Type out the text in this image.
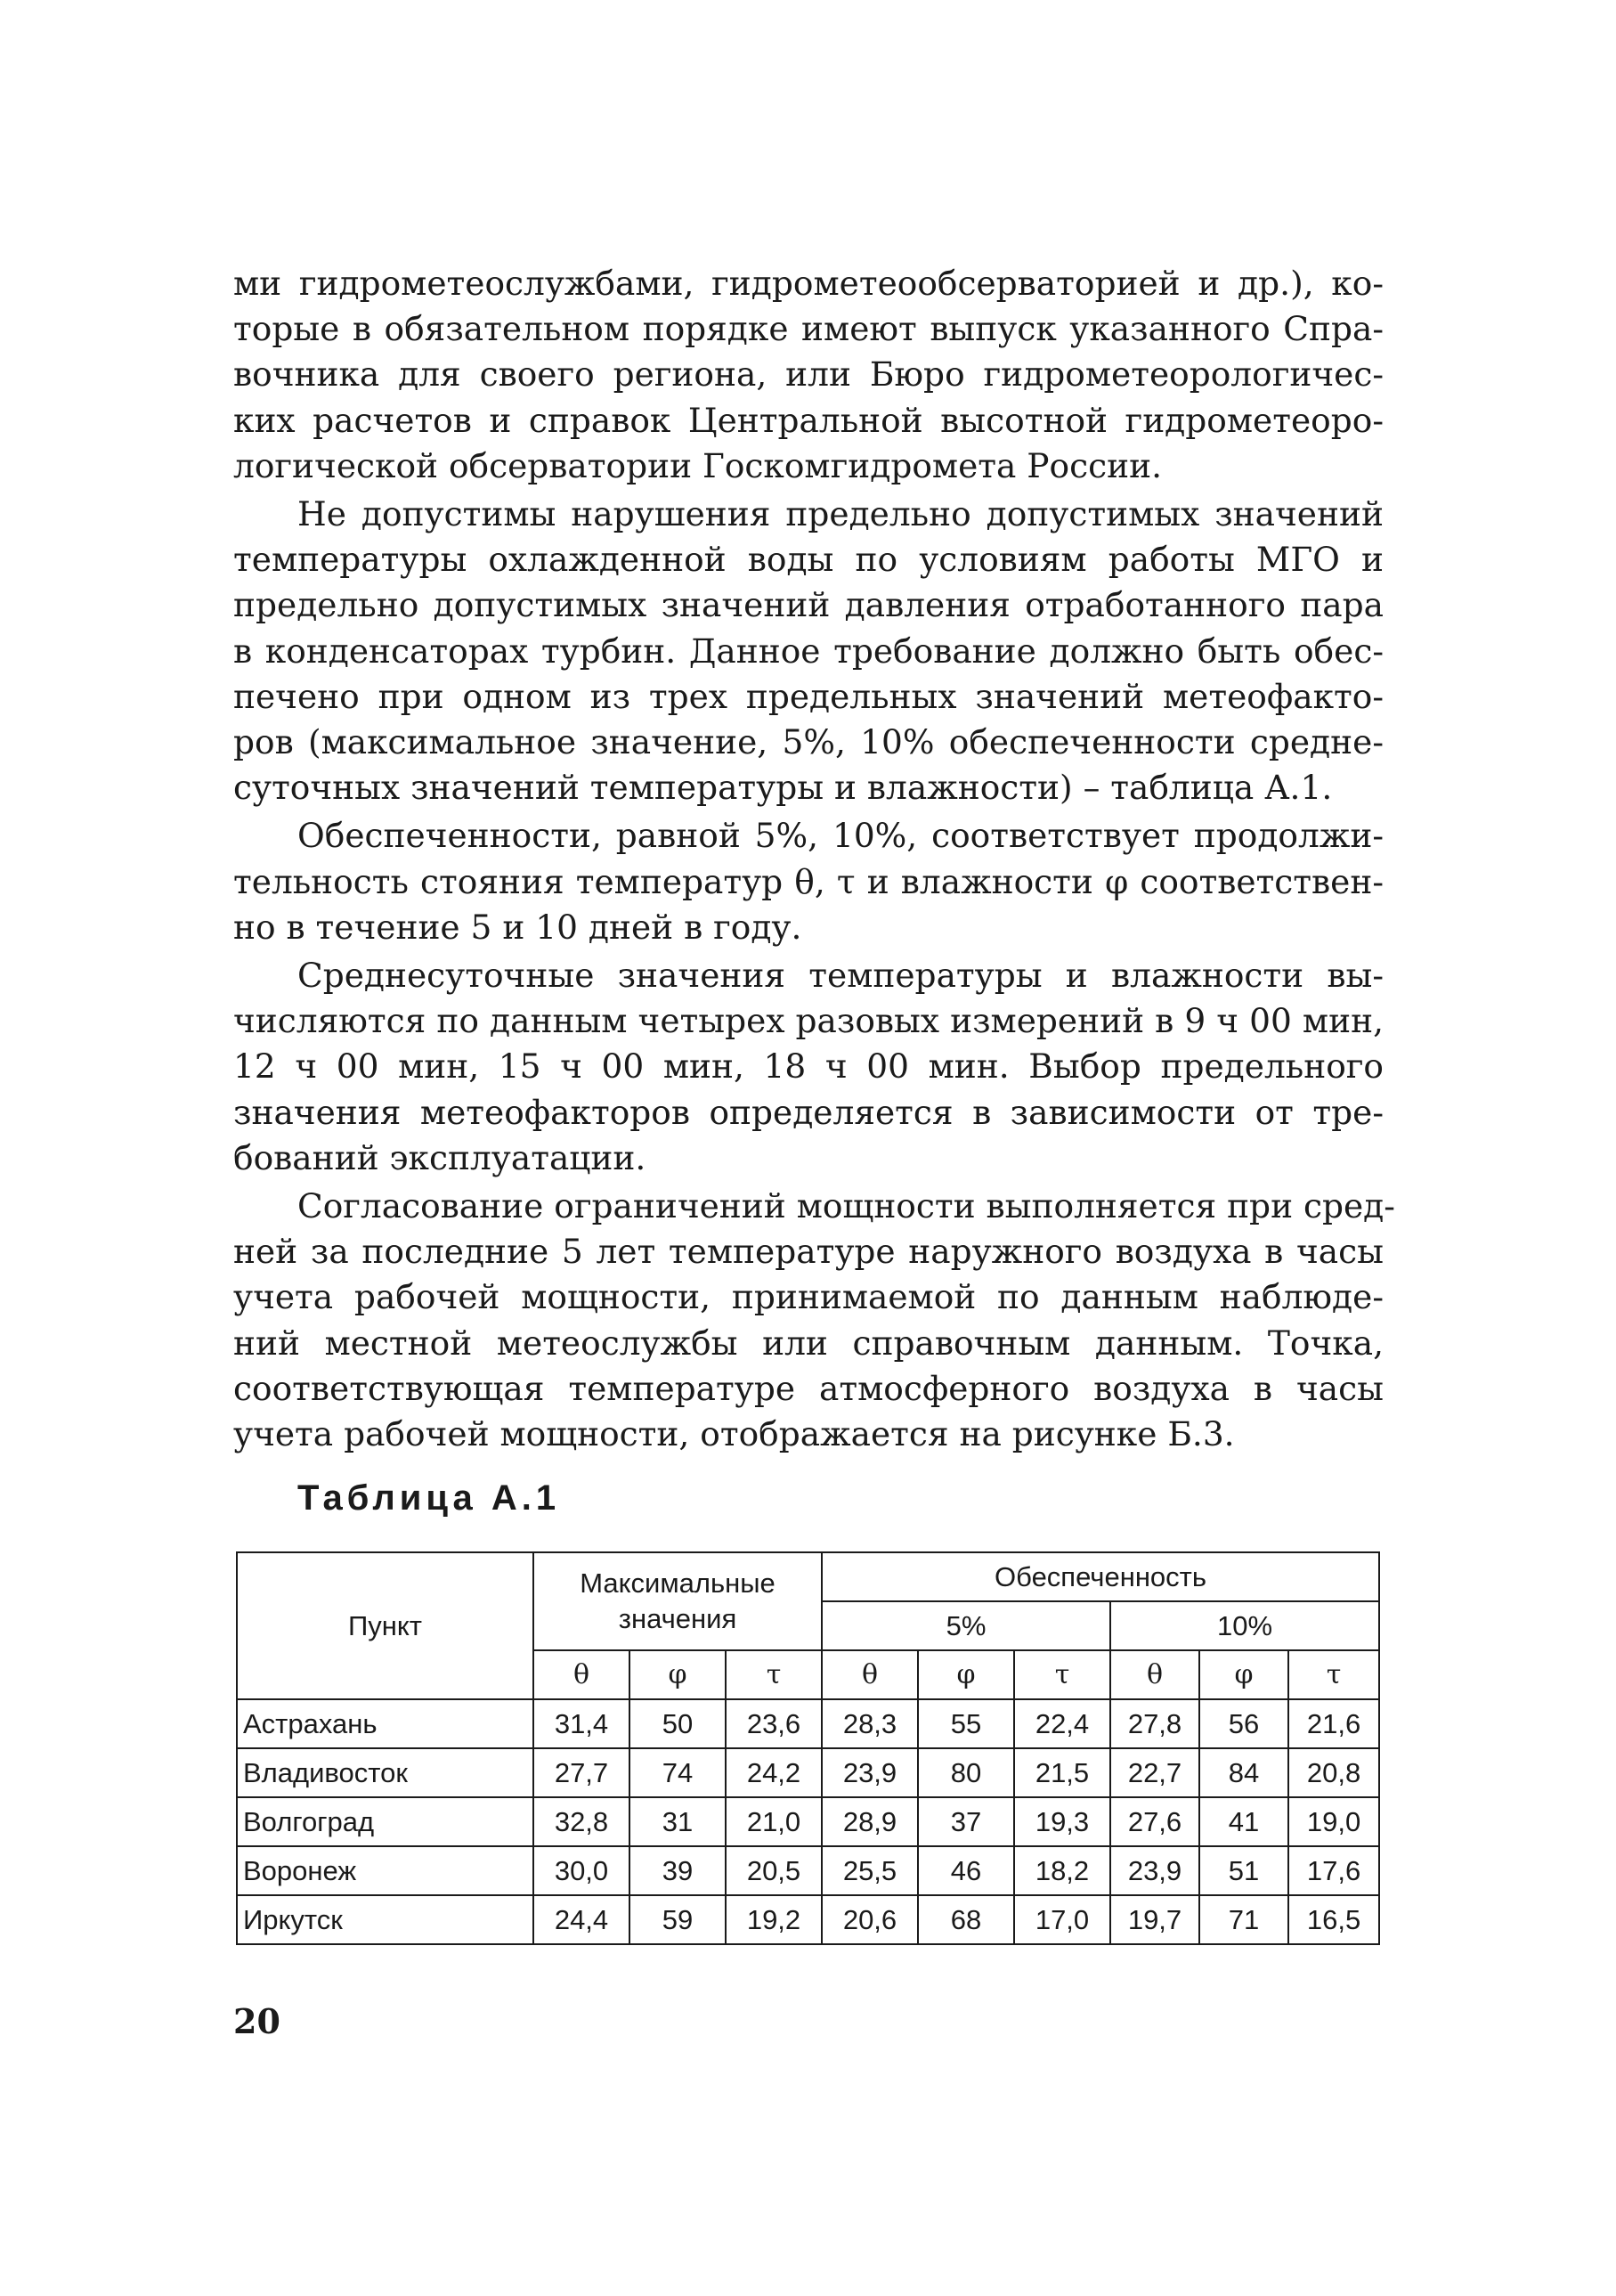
ми гидрометеослужбами, гидрометеообсерваторией и др.), ко-
торые в обязательном порядке имеют выпуск указанного Спра-
вочника для своего региона, или Бюро гидрометеорологичес-
ких расчетов и справок Центральной высотной гидрометеоро-
логической обсерватории Госкомгидромета России.

Не допустимы нарушения предельно допустимых значений
температуры охлажденной воды по условиям работы МГО и
предельно допустимых значений давления отработанного пара
в конденсаторах турбин. Данное требование должно быть обес-
печено при одном из трех предельных значений метеофакто-
ров (максимальное значение, 5%, 10% обеспеченности средне-
суточных значений температуры и влажности) – таблица А.1.

Обеспеченности, равной 5%, 10%, соответствует продолжи-
тельность стояния температур θ, τ и влажности φ соответствен-
но в течение 5 и 10 дней в году.

Среднесуточные значения температуры и влажности вы-
числяются по данным четырех разовых измерений в 9 ч 00 мин,
12 ч 00 мин, 15 ч 00 мин, 18 ч 00 мин. Выбор предельного
значения метеофакторов определяется в зависимости от тре-
бований эксплуатации.

Согласование ограничений мощности выполняется при сред-
ней за последние 5 лет температуре наружного воздуха в часы
учета рабочей мощности, принимаемой по данным наблюде-
ний местной метеослужбы или справочным данным. Точка,
соответствующая температуре атмосферного воздуха в часы
учета рабочей мощности, отображается на рисунке Б.3.

Таблица А.1

Пункт	Максимальные
значения			Обеспеченность					
				5%			10%		
	θ	φ	τ	θ	φ	τ	θ	φ	τ
Астрахань	31,4	50	23,6	28,3	55	22,4	27,8	56	21,6
Владивосток	27,7	74	24,2	23,9	80	21,5	22,7	84	20,8
Волгоград	32,8	31	21,0	28,9	37	19,3	27,6	41	19,0
Воронеж	30,0	39	20,5	25,5	46	18,2	23,9	51	17,6
Иркутск	24,4	59	19,2	20,6	68	17,0	19,7	71	16,5

20
